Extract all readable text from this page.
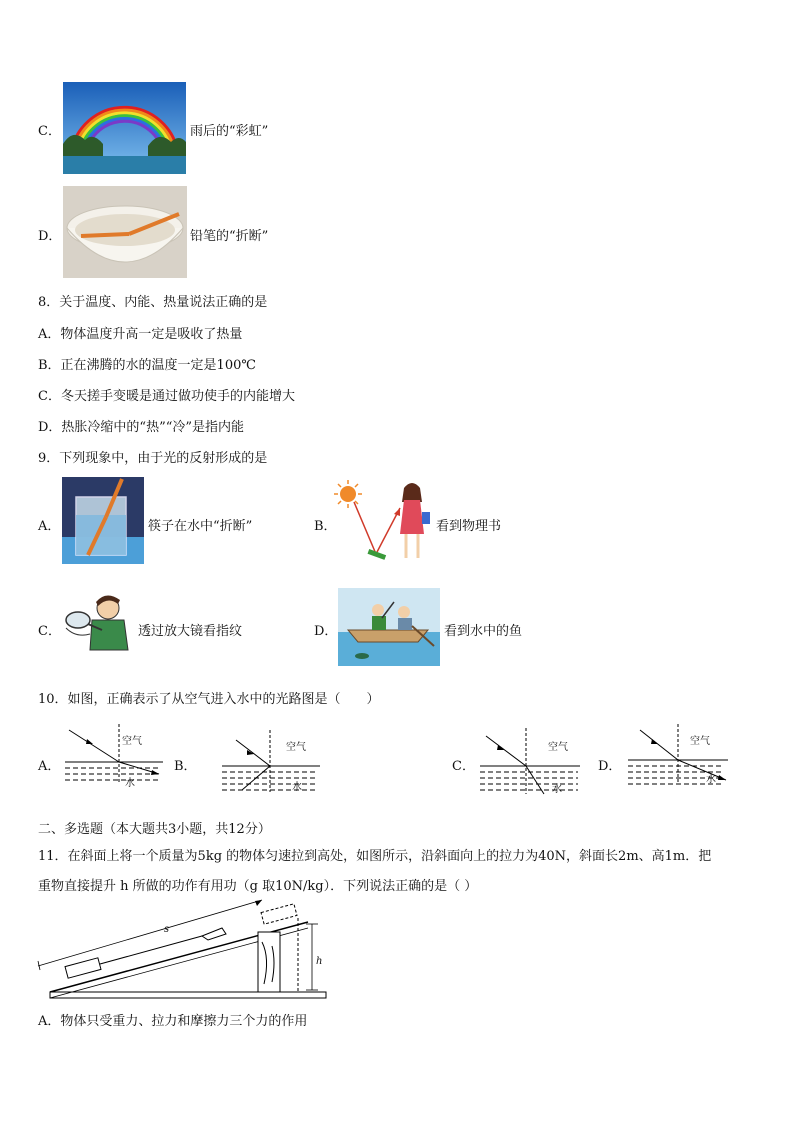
C．	雨后的“彩虹”
D．	铅笔的“折断”
8．关于温度、内能、热量说法正确的是
A．物体温度升高一定是吸收了热量
B．正在沸腾的水的温度一定是100℃
C．冬天搓手变暖是通过做功使手的内能增大
D．热胀冷缩中的“热”“冷”是指内能
9．下列现象中，由于光的反射形成的是
A．	筷子在水中“折断”	B．	看到物理书
C．	透过放大镜看指纹	D．	看到水中的鱼
10．如图，正确表示了从空气进入水中的光路图是（　　）
A．
空气
水
B．
空气
水
C．
空气
水
D．
空气
水
二、多选题（本大题共3小题，共12分）
11．在斜面上将一个质量为5kg 的物体匀速拉到高处，如图所示，沿斜面向上的拉力为40N，斜面长2m、高1m．把
重物直接提升 h 所做的功作有用功（g 取10N/kg）．下列说法正确的是（ ）
s
h
A．物体只受重力、拉力和摩擦力三个力的作用
